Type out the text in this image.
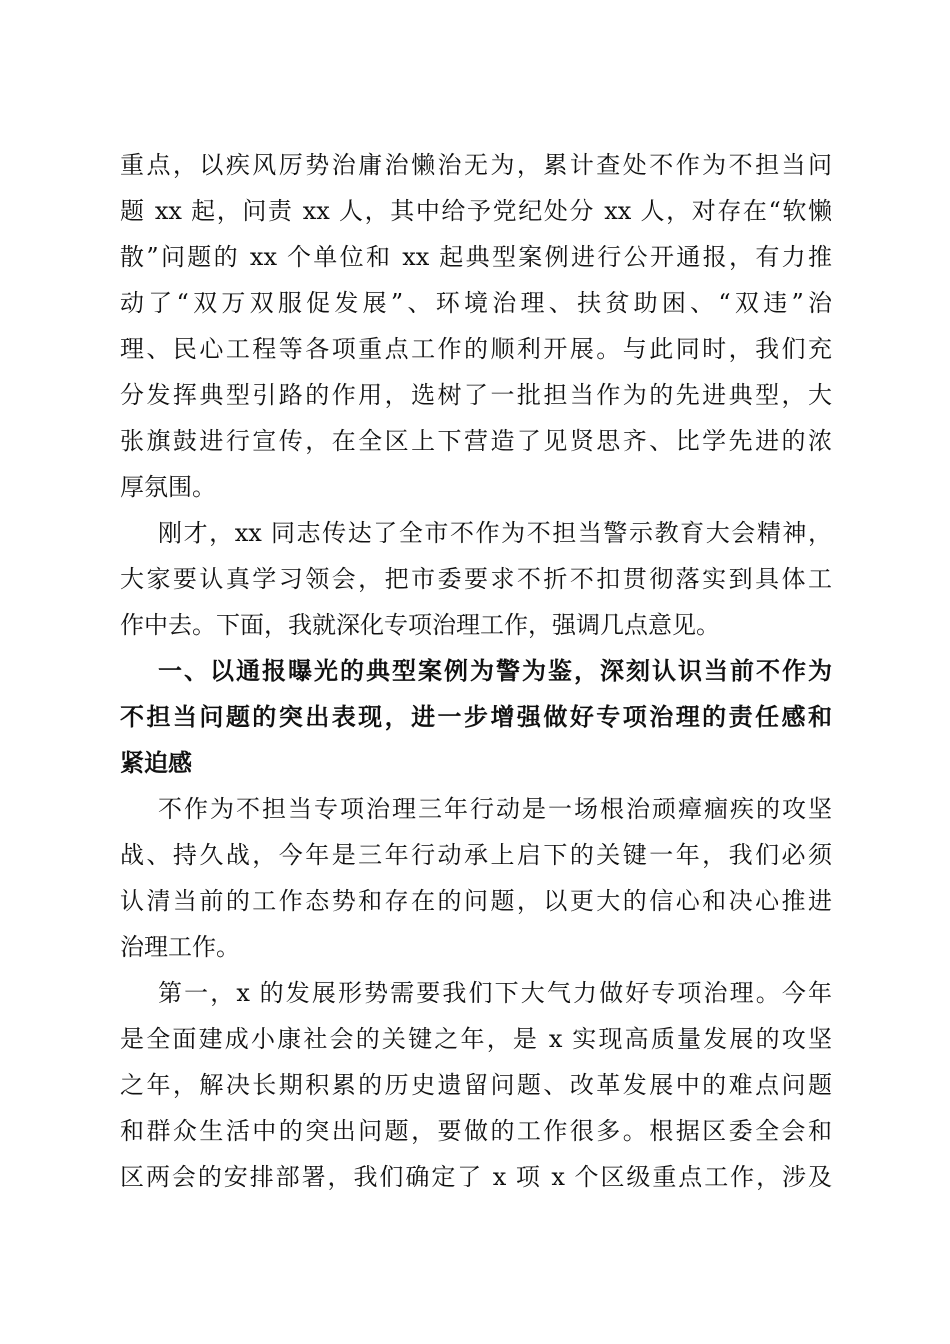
重点，以疾风厉势治庸治懒治无为，累计查处不作为不担当问
题 xx 起，问责 xx 人，其中给予党纪处分 xx 人，对存在“软懒
散”问题的 xx 个单位和 xx 起典型案例进行公开通报，有力推
动了“双万双服促发展”、环境治理、扶贫助困、“双违”治
理、民心工程等各项重点工作的顺利开展。与此同时，我们充
分发挥典型引路的作用，选树了一批担当作为的先进典型，大
张旗鼓进行宣传，在全区上下营造了见贤思齐、比学先进的浓
厚氛围。
刚才，xx 同志传达了全市不作为不担当警示教育大会精神，
大家要认真学习领会，把市委要求不折不扣贯彻落实到具体工
作中去。下面，我就深化专项治理工作，强调几点意见。
一、以通报曝光的典型案例为警为鉴，深刻认识当前不作为
不担当问题的突出表现，进一步增强做好专项治理的责任感和
紧迫感
不作为不担当专项治理三年行动是一场根治顽瘴痼疾的攻坚
战、持久战，今年是三年行动承上启下的关键一年，我们必须
认清当前的工作态势和存在的问题，以更大的信心和决心推进
治理工作。
第一，x 的发展形势需要我们下大气力做好专项治理。今年
是全面建成小康社会的关键之年，是 x 实现高质量发展的攻坚
之年，解决长期积累的历史遗留问题、改革发展中的难点问题
和群众生活中的突出问题，要做的工作很多。根据区委全会和
区两会的安排部署，我们确定了 x 项 x 个区级重点工作，涉及
